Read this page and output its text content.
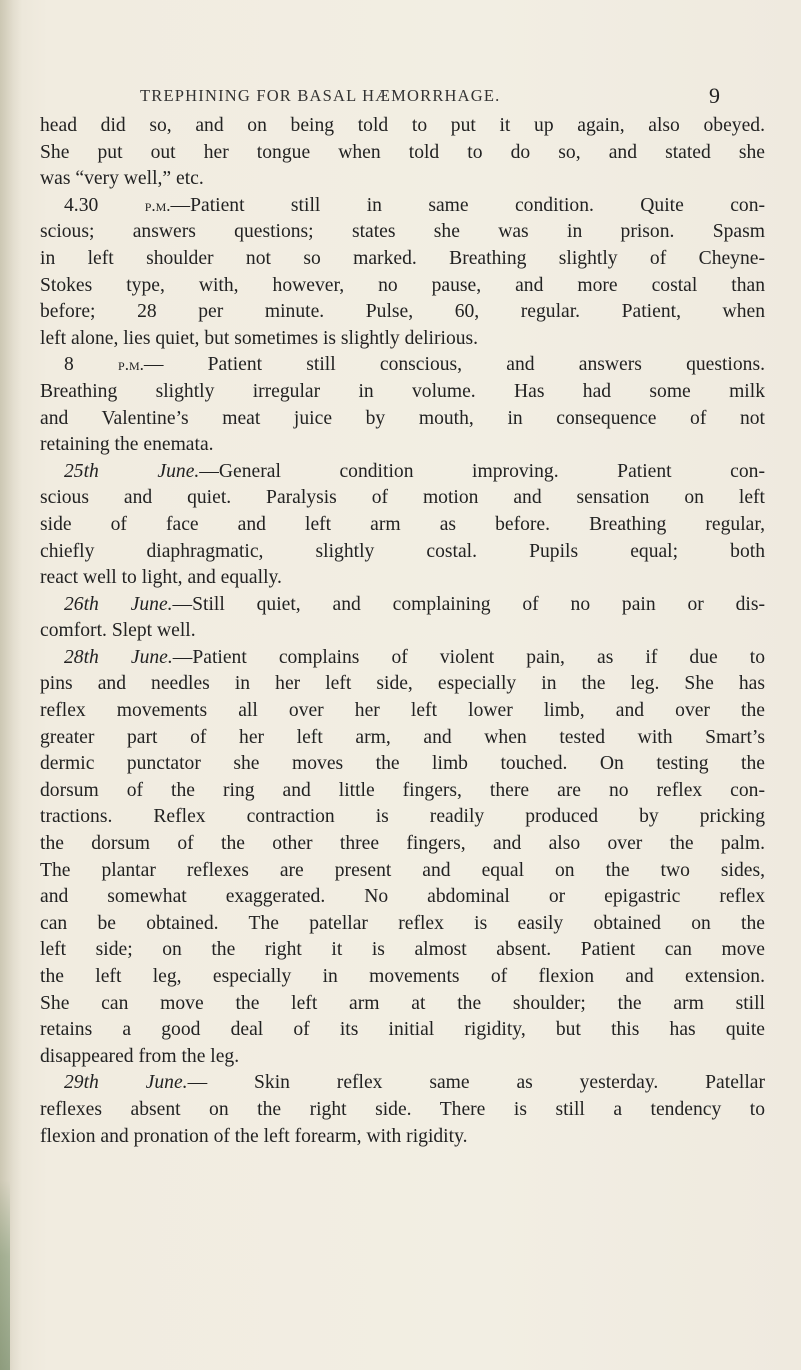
TREPHINING FOR BASAL HÆMORRHAGE.	9
head did so, and on being told to put it up again, also obeyed.
She put out her tongue when told to do so, and stated she
was “very well,” etc.
4.30 p.m.—Patient still in same condition. Quite con-
scious; answers questions; states she was in prison. Spasm
in left shoulder not so marked. Breathing slightly of Cheyne-
Stokes type, with, however, no pause, and more costal than
before; 28 per minute. Pulse, 60, regular. Patient, when
left alone, lies quiet, but sometimes is slightly delirious.
8 p.m.— Patient still conscious, and answers questions.
Breathing slightly irregular in volume. Has had some milk
and Valentine’s meat juice by mouth, in consequence of not
retaining the enemata.
25th June.—General condition improving. Patient con-
scious and quiet. Paralysis of motion and sensation on left
side of face and left arm as before. Breathing regular,
chiefly diaphragmatic, slightly costal. Pupils equal; both
react well to light, and equally.
26th June.—Still quiet, and complaining of no pain or dis-
comfort. Slept well.
28th June.—Patient complains of violent pain, as if due to
pins and needles in her left side, especially in the leg. She has
reflex movements all over her left lower limb, and over the
greater part of her left arm, and when tested with Smart’s
dermic punctator she moves the limb touched. On testing the
dorsum of the ring and little fingers, there are no reflex con-
tractions. Reflex contraction is readily produced by pricking
the dorsum of the other three fingers, and also over the palm.
The plantar reflexes are present and equal on the two sides,
and somewhat exaggerated. No abdominal or epigastric reflex
can be obtained. The patellar reflex is easily obtained on the
left side; on the right it is almost absent. Patient can move
the left leg, especially in movements of flexion and extension.
She can move the left arm at the shoulder; the arm still
retains a good deal of its initial rigidity, but this has quite
disappeared from the leg.
29th June.— Skin reflex same as yesterday. Patellar
reflexes absent on the right side. There is still a tendency to
flexion and pronation of the left forearm, with rigidity.
